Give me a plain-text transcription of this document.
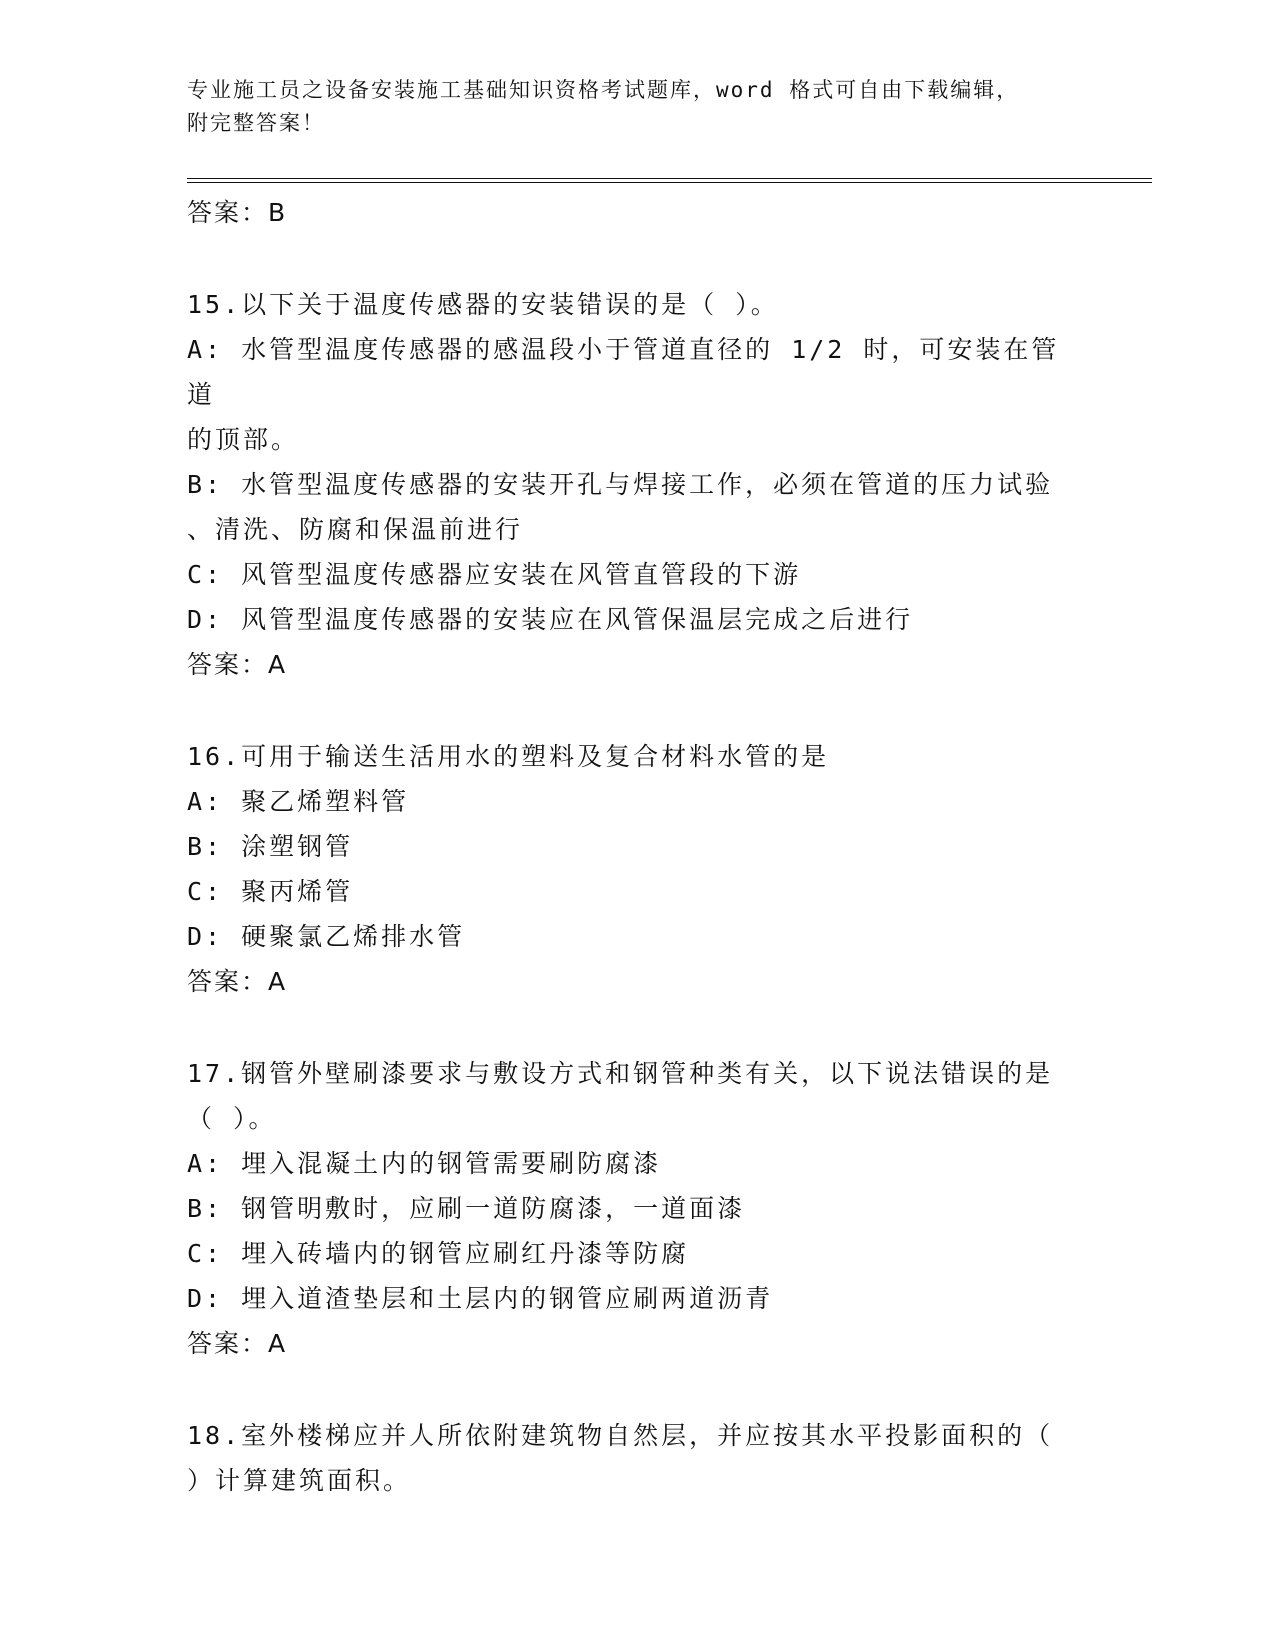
专业施工员之设备安装施工基础知识资格考试题库，word 格式可自由下载编辑，
附完整答案！

答案：B

15.以下关于温度传感器的安装错误的是（ ）。

A: 水管型温度传感器的感温段小于管道直径的 1/2 时，可安装在管道

的顶部。

B: 水管型温度传感器的安装开孔与焊接工作，必须在管道的压力试验

、清洗、防腐和保温前进行

C: 风管型温度传感器应安装在风管直管段的下游

D: 风管型温度传感器的安装应在风管保温层完成之后进行

答案：A

16.可用于输送生活用水的塑料及复合材料水管的是

A: 聚乙烯塑料管

B: 涂塑钢管

C: 聚丙烯管

D: 硬聚氯乙烯排水管

答案：A

17.钢管外壁刷漆要求与敷设方式和钢管种类有关，以下说法错误的是

（ ）。

A: 埋入混凝土内的钢管需要刷防腐漆

B: 钢管明敷时，应刷一道防腐漆，一道面漆

C: 埋入砖墙内的钢管应刷红丹漆等防腐

D: 埋入道渣垫层和土层内的钢管应刷两道沥青

答案：A

18.室外楼梯应并人所依附建筑物自然层，并应按其水平投影面积的（

）计算建筑面积。
